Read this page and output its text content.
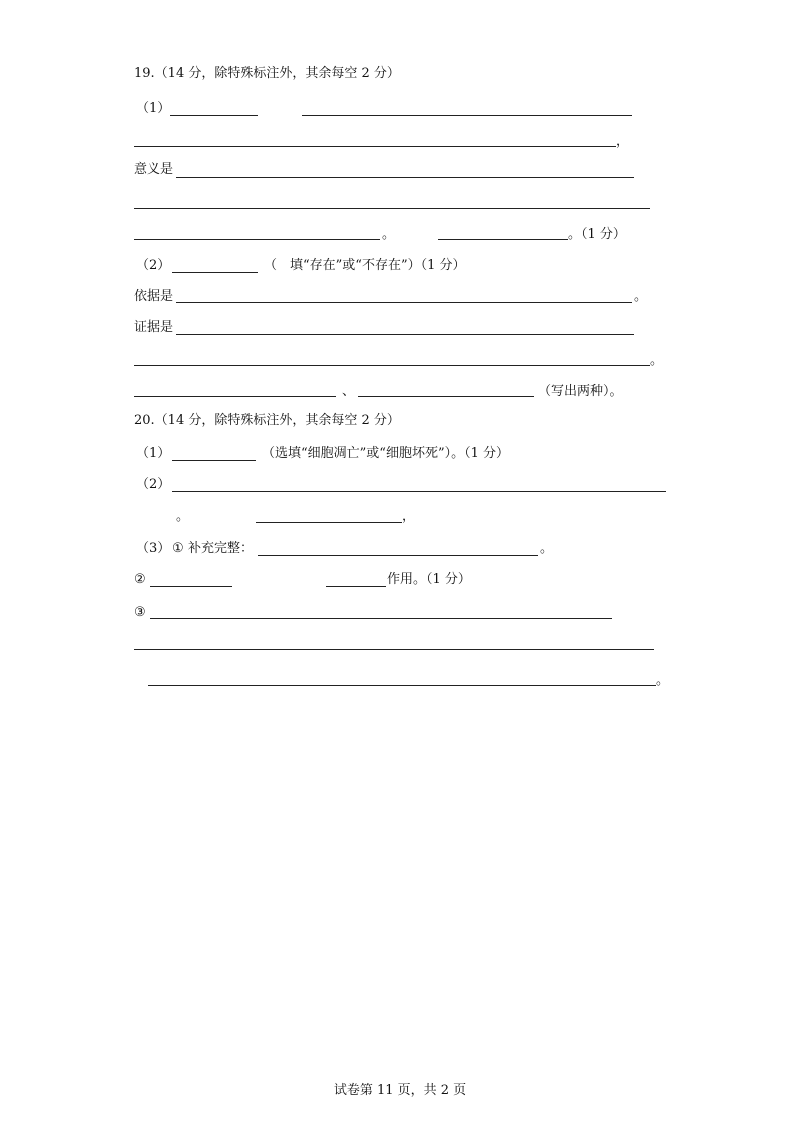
19.（14 分，除特殊标注外，其余每空 2 分）
（1）
，
意义是
。	。（1 分）
（2）	（　填“存在”或“不存在”）（1 分）
依据是	。
证据是
。
、	（写出两种）。
20.（14 分，除特殊标注外，其余每空 2 分）
（1）	（选填“细胞凋亡”或“细胞坏死”）。（1 分）
（2）
。	，
（3） ① 补充完整：	。
②	作用。（1 分）
③
。
试卷第 11 页，共 2 页
